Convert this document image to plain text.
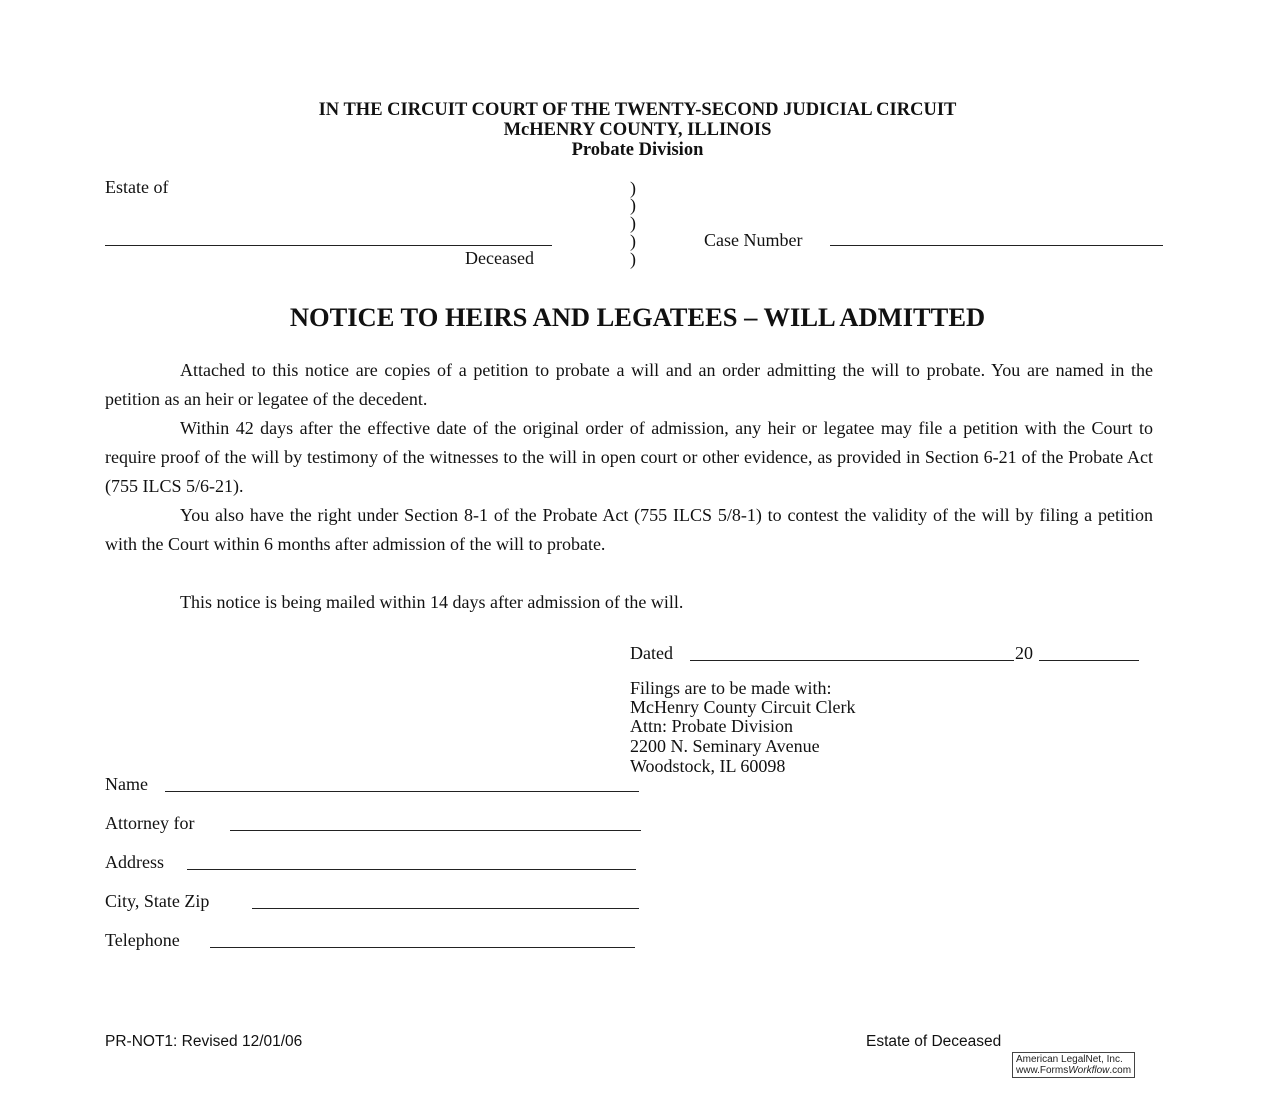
IN THE CIRCUIT COURT OF THE TWENTY-SECOND JUDICIAL CIRCUIT
McHENRY COUNTY, ILLINOIS
Probate Division
Estate of
Deceased
)
)
)
)
)
Case Number
NOTICE TO HEIRS AND LEGATEES – WILL ADMITTED
Attached to this notice are copies of a petition to probate a will and an order admitting the will to probate. You are named in the petition as an heir or legatee of the decedent.
Within 42 days after the effective date of the original order of admission, any heir or legatee may file a petition with the Court to require proof of the will by testimony of the witnesses to the will in open court or other evidence, as provided in Section 6-21 of the Probate Act (755 ILCS 5/6-21).
You also have the right under Section 8-1 of the Probate Act (755 ILCS 5/8-1) to contest the validity of the will by filing a petition with the Court within 6 months after admission of the will to probate.
This notice is being mailed within 14 days after admission of the will.
Dated	20
Filings are to be made with:
McHenry County Circuit Clerk
Attn: Probate Division
2200 N. Seminary Avenue
Woodstock, IL 60098
Name
Attorney for
Address
City, State Zip
Telephone
PR-NOT1: Revised 12/01/06	Estate of Deceased
American LegalNet, Inc.
www.FormsWorkflow.com
